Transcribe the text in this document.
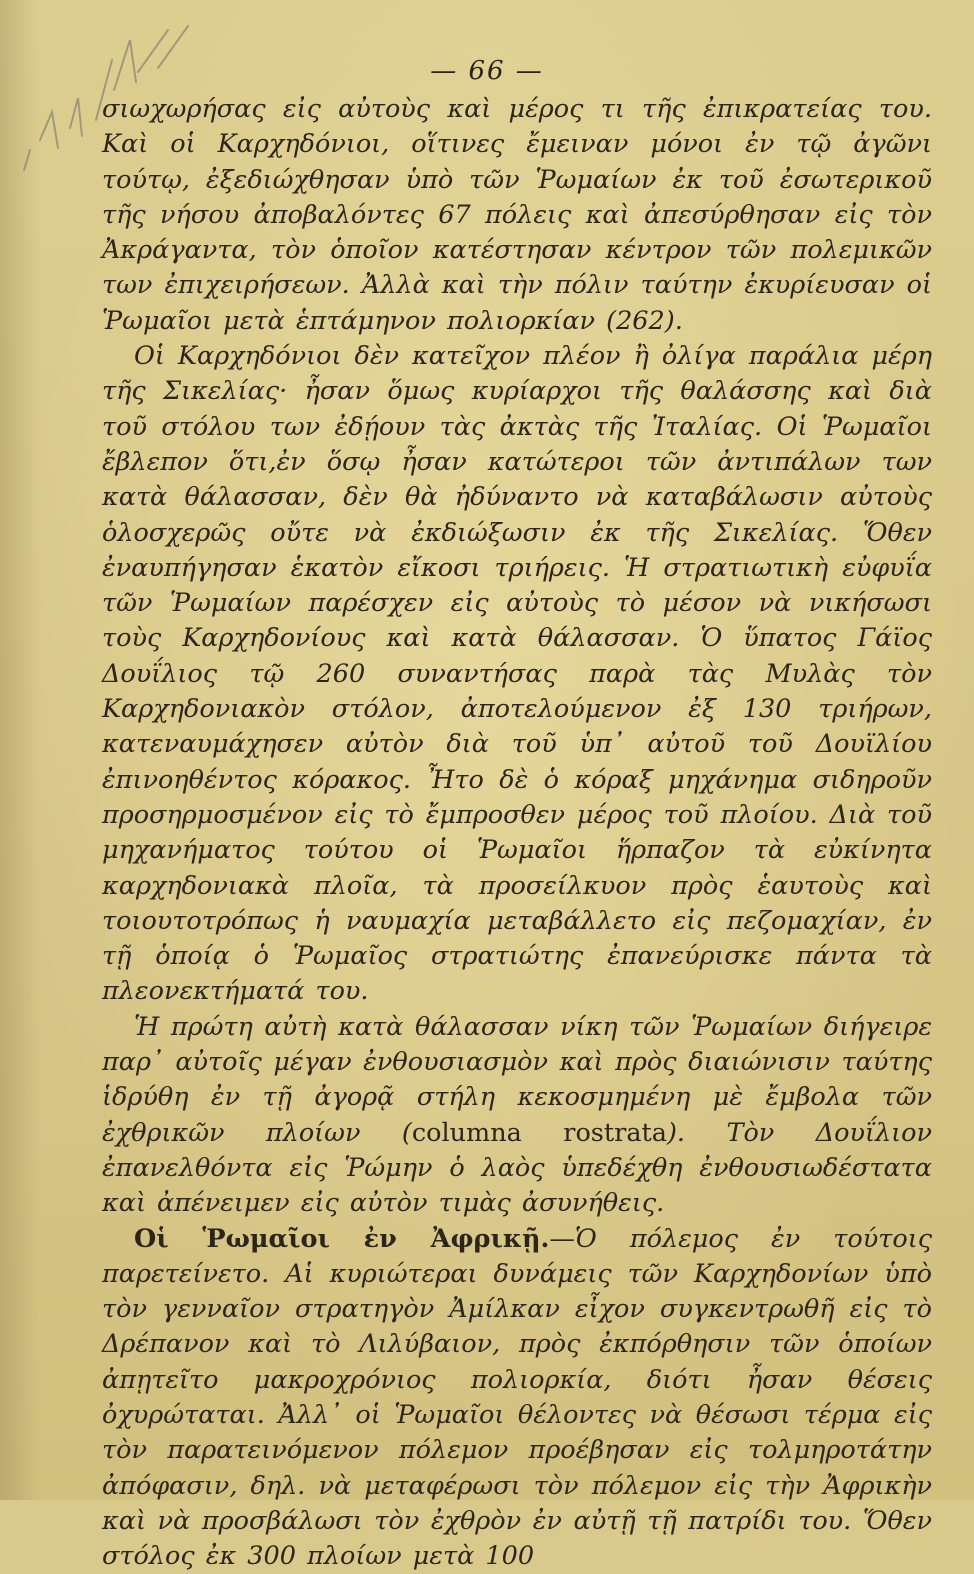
1142
— 66 —

σιωχωρήσας εἰς αὐτοὺς καὶ μέρος τι τῆς ἐπικρατείας του. Καὶ οἱ Καρχηδόνιοι, οἵτινες ἔμειναν μόνοι ἐν τῷ ἀγῶνι τούτῳ, ἐξεδιώχθησαν ὑπὸ τῶν Ῥωμαίων ἐκ τοῦ ἐσωτερικοῦ τῆς νήσου ἀποβαλόντες 67 πόλεις καὶ ἀπεσύρθησαν εἰς τὸν Ἀκράγαντα, τὸν ὁποῖον κατέστησαν κέντρον τῶν πολεμικῶν των ἐπιχειρήσεων. Ἀλλὰ καὶ τὴν πόλιν ταύτην ἐκυρίευσαν οἱ Ῥωμαῖοι μετὰ ἑπτάμηνον πολιορκίαν (262).

Οἱ Καρχηδόνιοι δὲν κατεῖχον πλέον ἢ ὀλίγα παράλια μέρη τῆς Σικελίας· ἦσαν ὅμως κυρίαρχοι τῆς θαλάσσης καὶ διὰ τοῦ στόλου των ἐδῄουν τὰς ἀκτὰς τῆς Ἰταλίας. Οἱ Ῥωμαῖοι ἔβλεπον ὅτι,ἐν ὅσῳ ἦσαν κατώτεροι τῶν ἀντιπάλων των κατὰ θάλασσαν, δὲν θὰ ἠδύναντο νὰ καταβάλωσιν αὐτοὺς ὁλοσχερῶς οὔτε νὰ ἐκδιώξωσιν ἐκ τῆς Σικελίας. Ὅθεν ἐναυπήγησαν ἑκατὸν εἴκοσι τριήρεις. Ἡ στρατιωτικὴ εὐφυΐα τῶν Ῥωμαίων παρέσχεν εἰς αὐτοὺς τὸ μέσον νὰ νικήσωσι τοὺς Καρχηδονίους καὶ κατὰ θάλασσαν. Ὁ ὕπατος Γάϊος Δουΐλιος τῷ 260 συναντήσας παρὰ τὰς Μυλὰς τὸν Καρχηδονιακὸν στόλον, ἀποτελούμενον ἐξ 130 τριήρων, κατεναυμάχησεν αὐτὸν διὰ τοῦ ὑπ᾽ αὐτοῦ τοῦ Δουϊλίου ἐπινοηθέντος κόρακος. Ἦτο δὲ ὁ κόραξ μηχάνημα σιδηροῦν προσηρμοσμένον εἰς τὸ ἔμπροσθεν μέρος τοῦ πλοίου. Διὰ τοῦ μηχανήματος τούτου οἱ Ῥωμαῖοι ἥρπαζον τὰ εὐκίνητα καρχηδονιακὰ πλοῖα, τὰ προσείλκυον πρὸς ἑαυτοὺς καὶ τοιουτοτρόπως ἡ ναυμαχία μεταβάλλετο εἰς πεζομαχίαν, ἐν τῇ ὁποίᾳ ὁ Ῥωμαῖος στρατιώτης ἐπανεύρισκε πάντα τὰ πλεονεκτήματά του.

Ἡ πρώτη αὐτὴ κατὰ θάλασσαν νίκη τῶν Ῥωμαίων διήγειρε παρ᾽ αὐτοῖς μέγαν ἐνθουσιασμὸν καὶ πρὸς διαιώνισιν ταύτης ἱδρύθη ἐν τῇ ἀγορᾷ στήλη κεκοσμημένη μὲ ἔμβολα τῶν ἐχθρικῶν πλοίων (columna rostrata). Τὸν Δουΐλιον ἐπανελθόντα εἰς Ῥώμην ὁ λαὸς ὑπεδέχθη ἐνθουσιωδέστατα καὶ ἀπένειμεν εἰς αὐτὸν τιμὰς ἀσυνήθεις.

Οἱ Ῥωμαῖοι ἐν Ἀφρικῇ.—Ὁ πόλεμος ἐν τούτοις παρετείνετο. Αἱ κυριώτεραι δυνάμεις τῶν Καρχηδονίων ὑπὸ τὸν γενναῖον στρατηγὸν Ἀμίλκαν εἶχον συγκεντρωθῆ εἰς τὸ Δρέπανον καὶ τὸ Λιλύβαιον, πρὸς ἐκπόρθησιν τῶν ὁποίων ἀπῃτεῖτο μακροχρόνιος πολιορκία, διότι ἦσαν θέσεις ὀχυρώταται. Ἀλλ᾽ οἱ Ῥωμαῖοι θέλοντες νὰ θέσωσι τέρμα εἰς τὸν παρατεινόμενον πόλεμον προέβησαν εἰς τολμηροτάτην ἀπόφασιν, δηλ. νὰ μεταφέρωσι τὸν πόλεμον εἰς τὴν Ἀφρικὴν καὶ νὰ προσβάλωσι τὸν ἐχθρὸν ἐν αὐτῇ τῇ πατρίδι του. Ὅθεν στόλος ἐκ 300 πλοίων μετὰ 100
